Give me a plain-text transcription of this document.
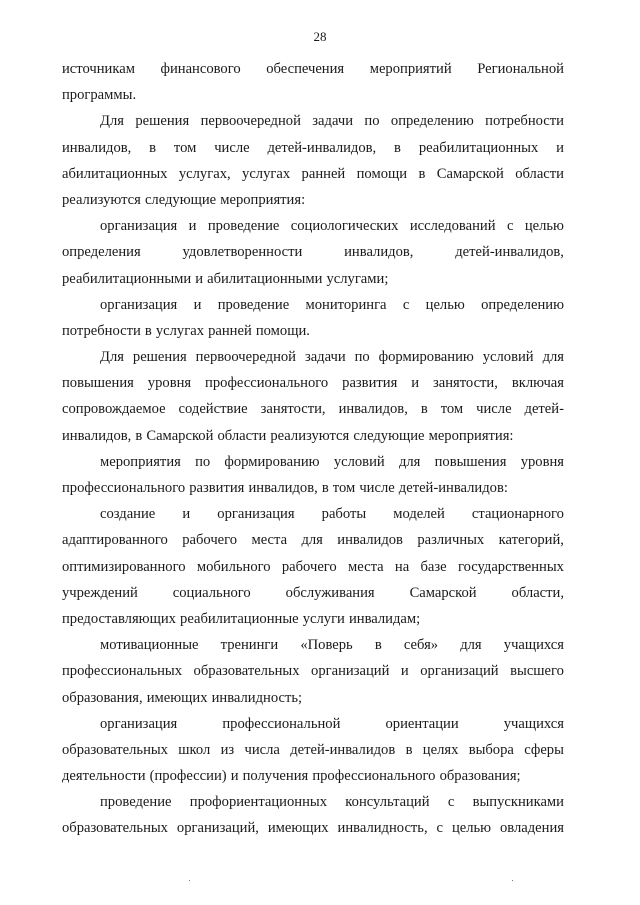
28
источникам финансового обеспечения мероприятий Региональной
программы.
Для решения первоочередной задачи по определению потребности
инвалидов, в том числе детей-инвалидов, в реабилитационных и
абилитационных услугах, услугах ранней помощи в Самарской области
реализуются следующие мероприятия:
организация и проведение социологических исследований с целью
определения	удовлетворенности	инвалидов,	детей-инвалидов,
реабилитационными и абилитационными услугами;
организация и проведение мониторинга с целью определению
потребности в услугах ранней помощи.
Для решения первоочередной задачи по формированию условий для
повышения уровня профессионального развития и занятости, включая
сопровождаемое содействие занятости, инвалидов, в том числе детей-
инвалидов, в Самарской области реализуются следующие мероприятия:
мероприятия по формированию условий для повышения уровня
профессионального развития инвалидов, в том числе детей-инвалидов:
создание и организация работы моделей стационарного
адаптированного рабочего места для инвалидов различных категорий,
оптимизированного мобильного рабочего места на базе государственных
учреждений социального обслуживания Самарской области,
предоставляющих реабилитационные услуги инвалидам;
мотивационные тренинги «Поверь в себя» для учащихся
профессиональных образовательных организаций и организаций высшего
образования, имеющих инвалидность;
организация	профессиональной	ориентации	учащихся
образовательных школ из числа детей-инвалидов в целях выбора сферы
деятельности (профессии) и получения профессионального образования;
проведение профориентационных консультаций с выпускниками
образовательных организаций, имеющих инвалидность, с целью овладения
